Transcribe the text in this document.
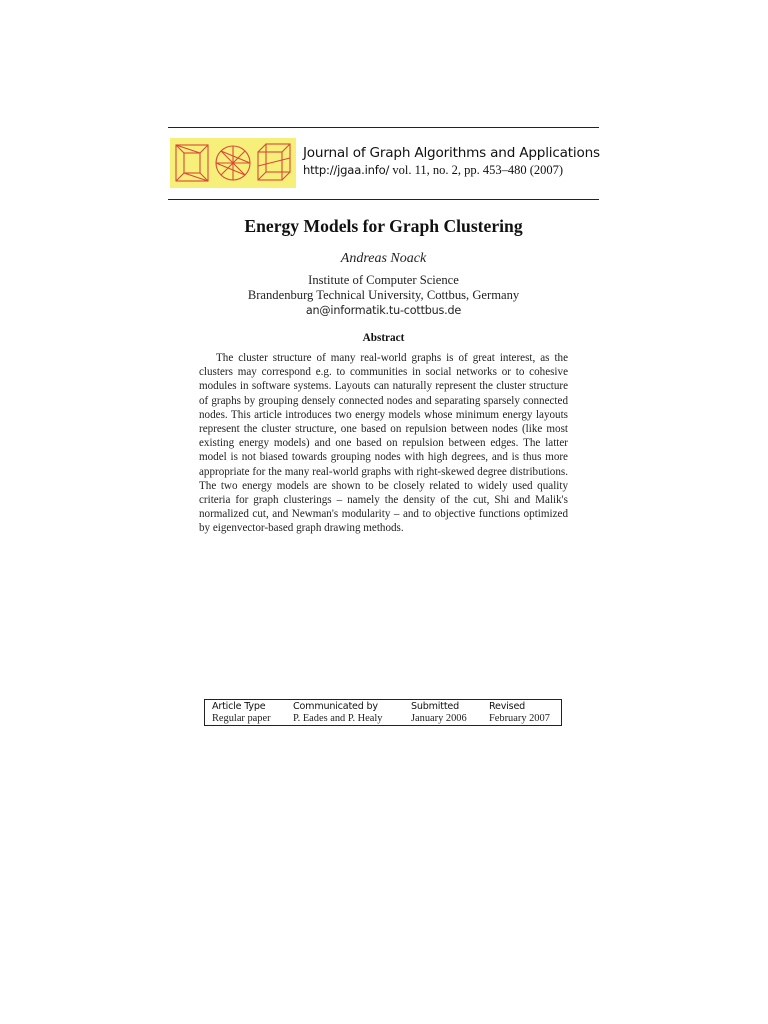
Journal of Graph Algorithms and Applications
http://jgaa.info/ vol. 11, no. 2, pp. 453–480 (2007)
Energy Models for Graph Clustering
Andreas Noack
Institute of Computer Science
Brandenburg Technical University, Cottbus, Germany
an@informatik.tu-cottbus.de
Abstract

The cluster structure of many real-world graphs is of great interest, as the clusters may correspond e.g. to communities in social networks or to cohesive modules in software systems. Layouts can naturally represent the cluster structure of graphs by grouping densely connected nodes and separating sparsely connected nodes. This article introduces two energy models whose minimum energy layouts represent the cluster structure, one based on repulsion between nodes (like most existing energy models) and one based on repulsion between edges. The latter model is not biased towards grouping nodes with high degrees, and is thus more appropriate for the many real-world graphs with right-skewed degree distributions. The two energy models are shown to be closely related to widely used quality criteria for graph clusterings – namely the density of the cut, Shi and Malik's normalized cut, and Newman's modularity – and to objective functions optimized by eigenvector-based graph drawing methods.

Article Type
Regular paper
Communicated by
P. Eades and P. Healy
Submitted
January 2006
Revised
February 2007
